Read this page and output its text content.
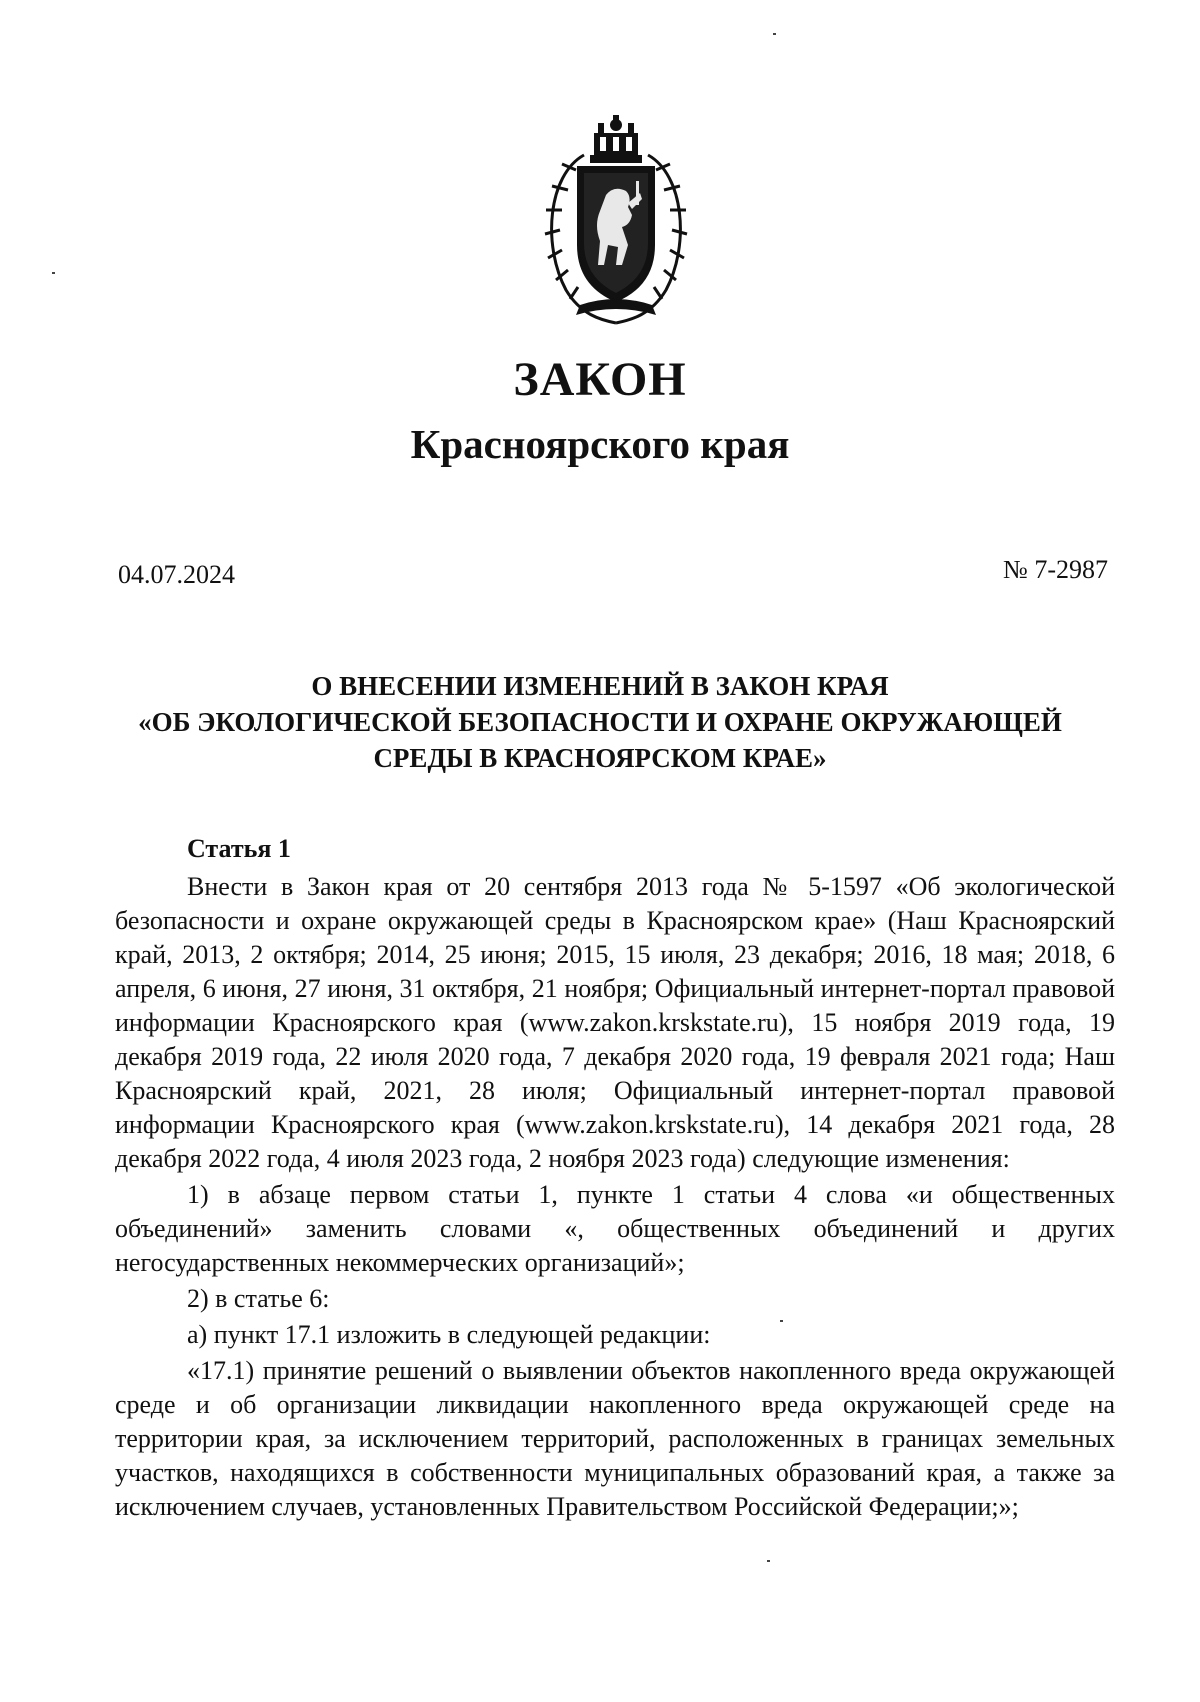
ЗАКОН
Красноярского края
04.07.2024	№ 7-2987
О ВНЕСЕНИИ ИЗМЕНЕНИЙ В ЗАКОН КРАЯ
«ОБ ЭКОЛОГИЧЕСКОЙ БЕЗОПАСНОСТИ И ОХРАНЕ ОКРУЖАЮЩЕЙ
СРЕДЫ В КРАСНОЯРСКОМ КРАЕ»
Статья 1

Внести в Закон края от 20 сентября 2013 года № 5-1597 «Об экологической безопасности и охране окружающей среды в Красноярском крае» (Наш Красноярский край, 2013, 2 октября; 2014, 25 июня; 2015, 15 июля, 23 декабря; 2016, 18 мая; 2018, 6 апреля, 6 июня, 27 июня, 31 октября, 21 ноября; Официальный интернет-портал правовой информации Красноярского края (www.zakon.krskstate.ru), 15 ноября 2019 года, 19 декабря 2019 года, 22 июля 2020 года, 7 декабря 2020 года, 19 февраля 2021 года; Наш Красноярский край, 2021, 28 июля; Официальный интернет-портал правовой информации Красноярского края (www.zakon.krskstate.ru), 14 декабря 2021 года, 28 декабря 2022 года, 4 июля 2023 года, 2 ноября 2023 года) следующие изменения:

1) в абзаце первом статьи 1, пункте 1 статьи 4 слова «и общественных объединений» заменить словами «, общественных объединений и других негосударственных некоммерческих организаций»;

2) в статье 6:

а) пункт 17.1 изложить в следующей редакции:

«17.1) принятие решений о выявлении объектов накопленного вреда окружающей среде и об организации ликвидации накопленного вреда окружающей среде на территории края, за исключением территорий, расположенных в границах земельных участков, находящихся в собственности муниципальных образований края, а также за исключением случаев, установленных Правительством Российской Федерации;»;
